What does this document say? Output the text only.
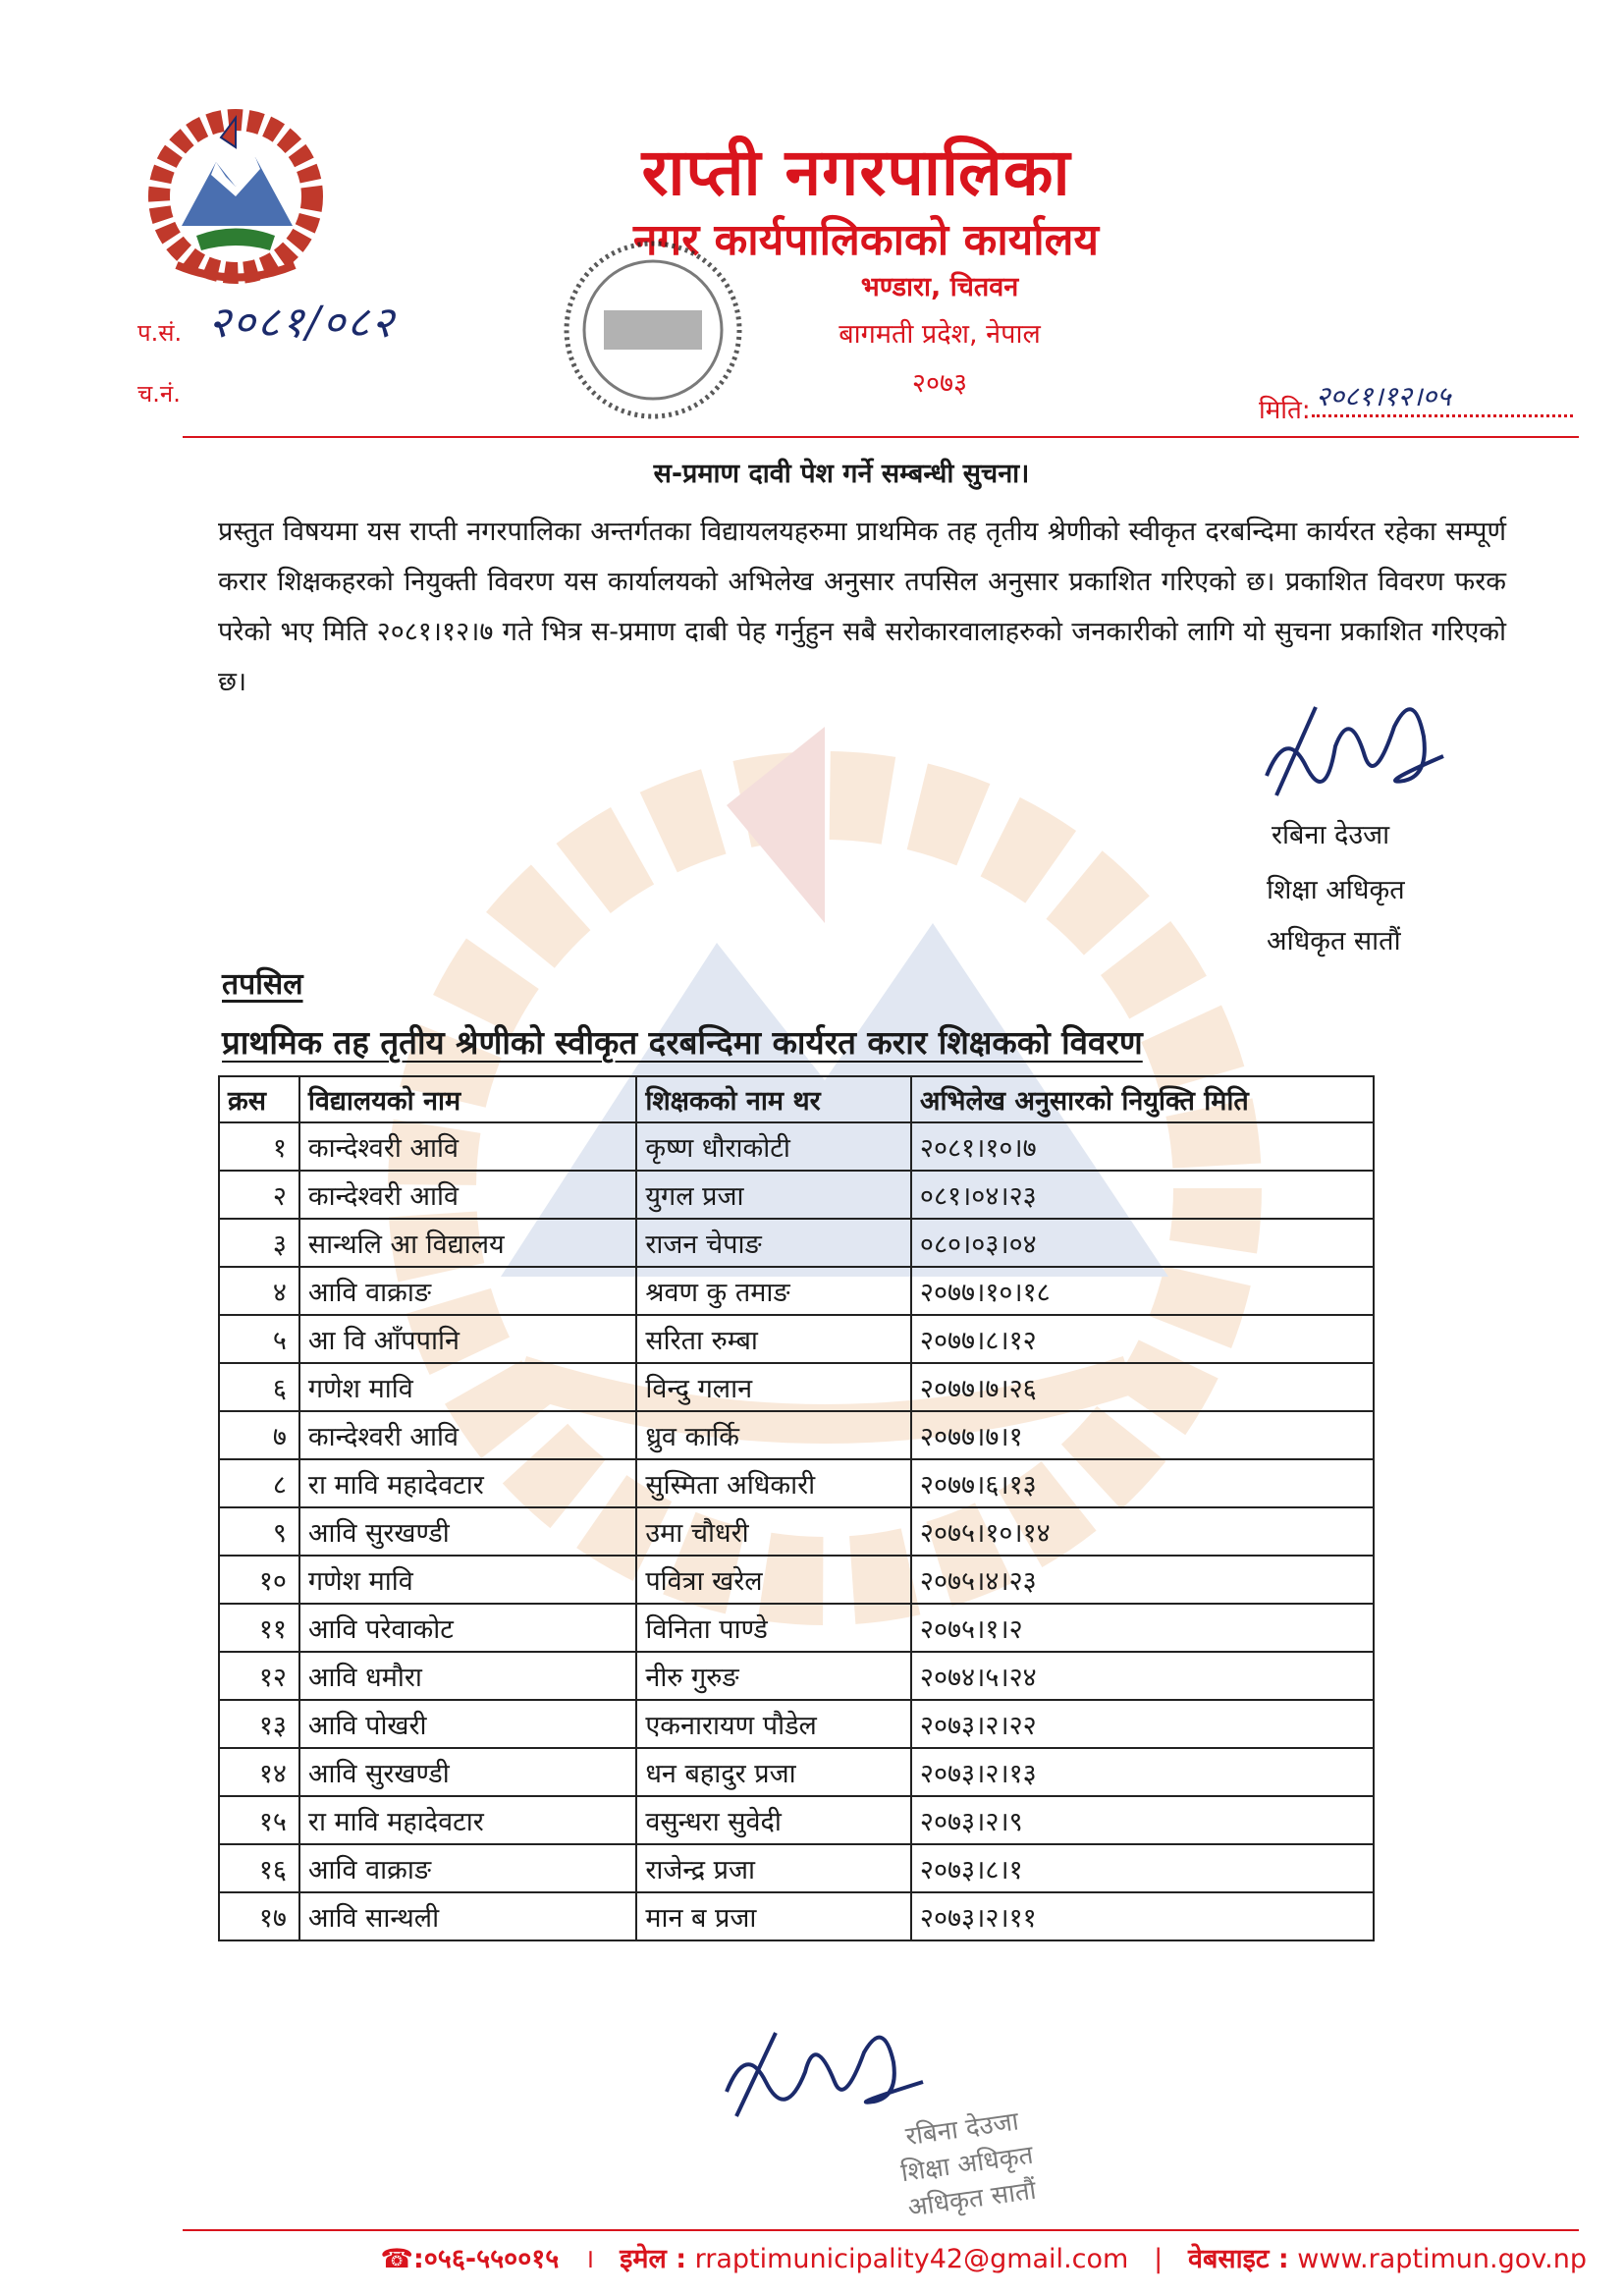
राप्ती नगरपालिका
नगर कार्यपालिकाको कार्यालय
भण्डारा, चितवन
बागमती प्रदेश, नेपाल
२०७३
प.सं. २०८१/०८२
च.नं.
मिति: २०८१।१२।०५
स-प्रमाण दावी पेश गर्ने सम्बन्धी सुचना।
प्रस्तुत विषयमा यस राप्ती नगरपालिका अन्तर्गतका विद्यायलयहरुमा प्राथमिक तह तृतीय श्रेणीको स्वीकृत दरबन्दिमा कार्यरत रहेका सम्पूर्ण करार शिक्षकहरको नियुक्ती विवरण यस कार्यालयको अभिलेख अनुसार तपसिल अनुसार प्रकाशित गरिएको छ। प्रकाशित विवरण फरक परेको भए मिति २०८१।१२।७ गते भित्र स-प्रमाण दाबी पेह गर्नुहुन सबै सरोकारवालाहरुको जनकारीको लागि यो सुचना प्रकाशित गरिएको छ।
रबिना देउजा
शिक्षा अधिकृत
अधिकृत सातौं
तपसिल
प्राथमिक तह तृतीय श्रेणीको स्वीकृत दरबन्दिमा कार्यरत करार शिक्षकको विवरण
क्रस	विद्यालयको नाम	शिक्षकको नाम थर	अभिलेख अनुसारको नियुक्ति मिति
१	कान्देश्वरी आवि	कृष्ण धौराकोटी	२०८१।१०।७
२	कान्देश्वरी आवि	युगल प्रजा	०८१।०४।२३
३	सान्थलि आ विद्यालय	राजन चेपाङ	०८०।०३।०४
४	आवि वाक्राङ	श्रवण कु तमाङ	२०७७।१०।१८
५	आ वि आँपपानि	सरिता रुम्बा	२०७७।८।१२
६	गणेश मावि	विन्दु गलान	२०७७।७।२६
७	कान्देश्वरी आवि	ध्रुव कार्कि	२०७७।७।१
८	रा मावि महादेवटार	सुस्मिता अधिकारी	२०७७।६।१३
९	आवि सुरखण्डी	उमा चौधरी	२०७५।१०।१४
१०	गणेश मावि	पवित्रा खरेल	२०७५।४।२३
११	आवि परेवाकोट	विनिता पाण्डे	२०७५।१।२
१२	आवि धमौरा	नीरु गुरुङ	२०७४।५।२४
१३	आवि पोखरी	एकनारायण पौडेल	२०७३।२।२२
१४	आवि सुरखण्डी	धन बहादुर प्रजा	२०७३।२।१३
१५	रा मावि महादेवटार	वसुन्धरा सुवेदी	२०७३।२।९
१६	आवि वाक्राङ	राजेन्द्र प्रजा	२०७३।८।१
१७	आवि सान्थली	मान ब प्रजा	२०७३।२।११
रबिना देउजा
शिक्षा अधिकृत
अधिकृत सातौं
☎:०५६-५५००१५   ।   इमेल : rraptimunicipality42@gmail.com   |   वेबसाइट : www.raptimun.gov.np
